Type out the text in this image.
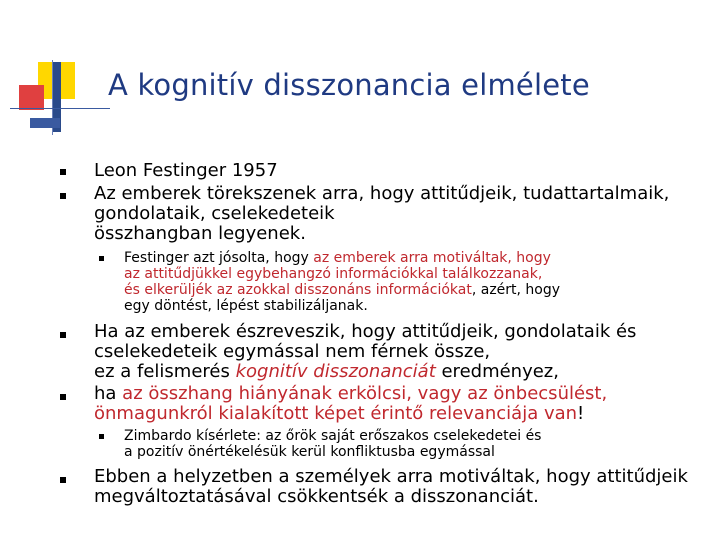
A kognitív disszonancia elmélete
Leon Festinger 1957
Az emberek törekszenek arra, hogy attitűdjeik, tudattartalmaik,
gondolataik, cselekedeteik
összhangban legyenek.
Festinger azt jósolta, hogy az emberek arra motiváltak, hogy
az attitűdjükkel egybehangzó információkkal találkozzanak,
és elkerüljék az azokkal disszonáns információkat, azért, hogy
egy döntést, lépést stabilizáljanak.
Ha az emberek észreveszik, hogy attitűdjeik, gondolataik és
cselekedeteik egymással nem férnek össze,
ez a felismerés kognitív disszonanciát eredményez,
ha az összhang hiányának erkölcsi, vagy az önbecsülést,
önmagunkról kialakított képet érintő relevanciája van!
Zimbardo kísérlete: az őrök saját erőszakos cselekedetei és
a pozitív önértékelésük kerül konfliktusba egymással
Ebben a helyzetben a személyek arra motiváltak, hogy attitűdjeik
megváltoztatásával csökkentsék a disszonanciát.
